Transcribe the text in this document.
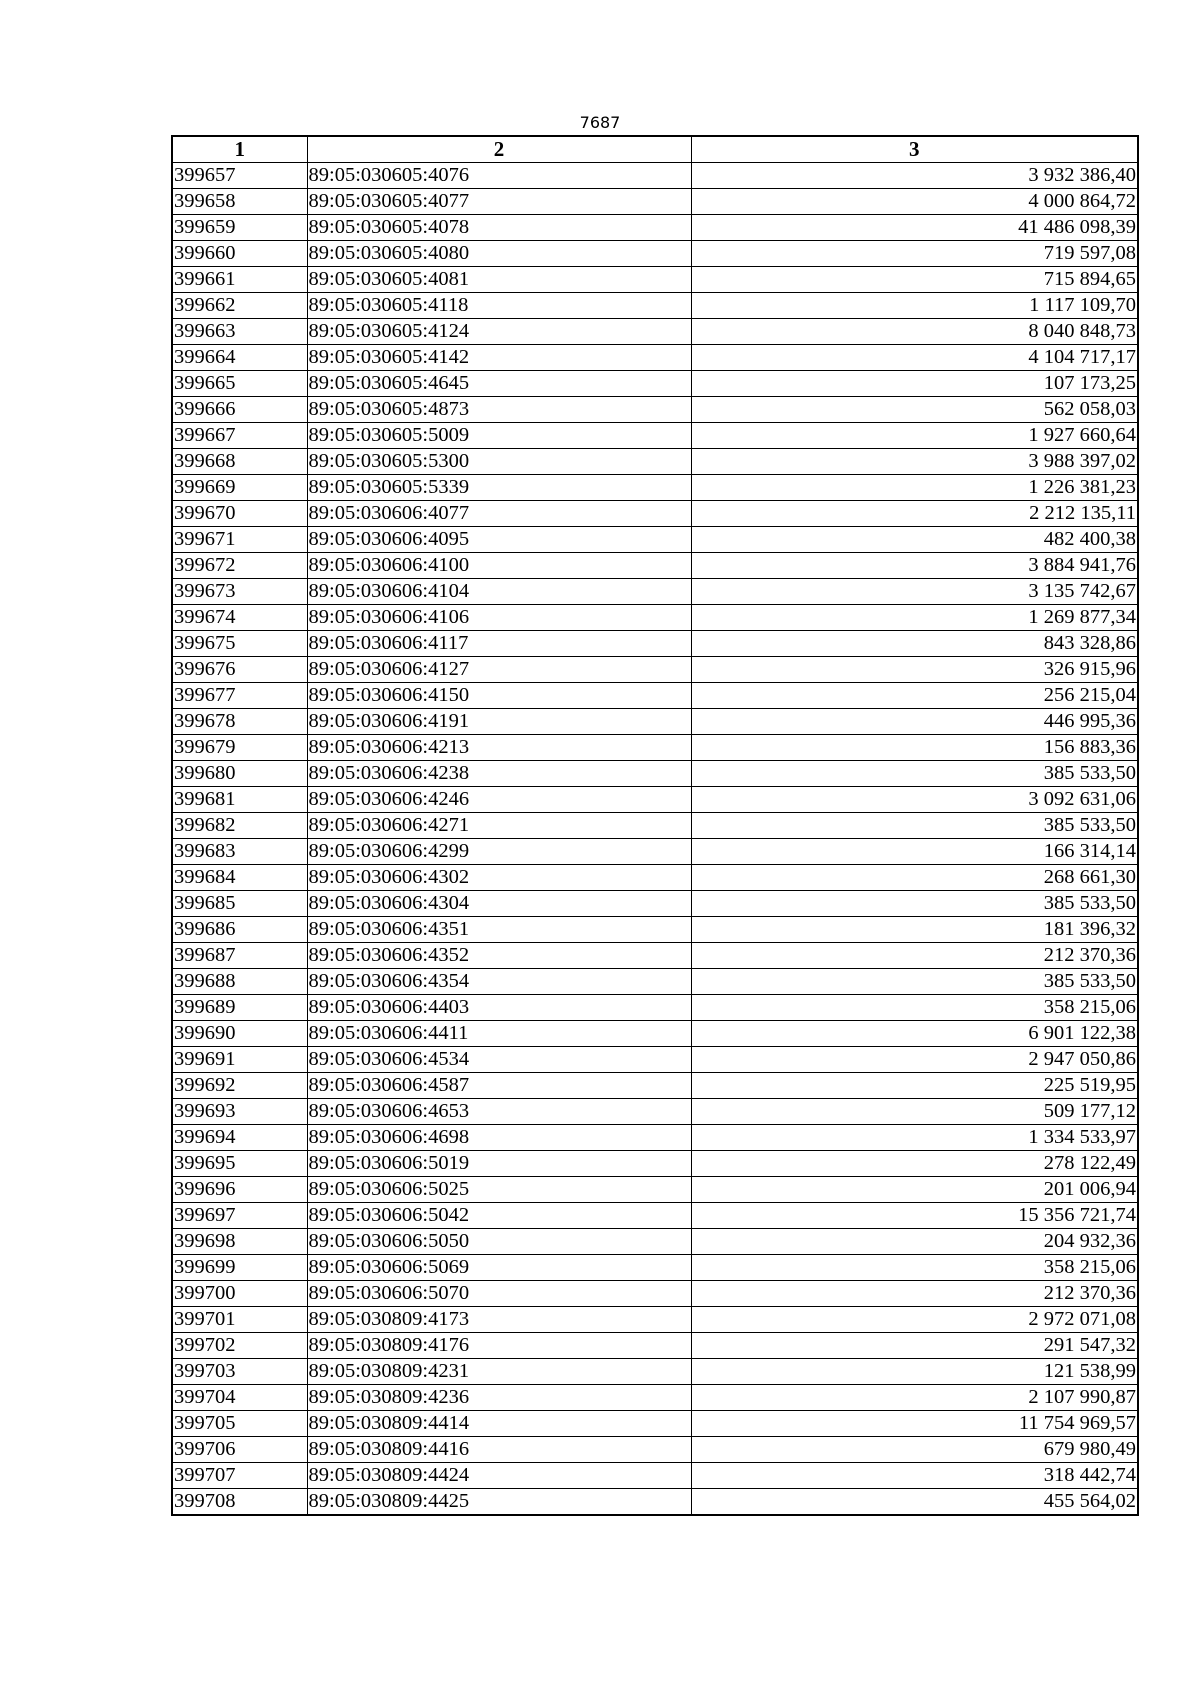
7687
1	2	3
399657	89:05:030605:4076	3 932 386,40
399658	89:05:030605:4077	4 000 864,72
399659	89:05:030605:4078	41 486 098,39
399660	89:05:030605:4080	719 597,08
399661	89:05:030605:4081	715 894,65
399662	89:05:030605:4118	1 117 109,70
399663	89:05:030605:4124	8 040 848,73
399664	89:05:030605:4142	4 104 717,17
399665	89:05:030605:4645	107 173,25
399666	89:05:030605:4873	562 058,03
399667	89:05:030605:5009	1 927 660,64
399668	89:05:030605:5300	3 988 397,02
399669	89:05:030605:5339	1 226 381,23
399670	89:05:030606:4077	2 212 135,11
399671	89:05:030606:4095	482 400,38
399672	89:05:030606:4100	3 884 941,76
399673	89:05:030606:4104	3 135 742,67
399674	89:05:030606:4106	1 269 877,34
399675	89:05:030606:4117	843 328,86
399676	89:05:030606:4127	326 915,96
399677	89:05:030606:4150	256 215,04
399678	89:05:030606:4191	446 995,36
399679	89:05:030606:4213	156 883,36
399680	89:05:030606:4238	385 533,50
399681	89:05:030606:4246	3 092 631,06
399682	89:05:030606:4271	385 533,50
399683	89:05:030606:4299	166 314,14
399684	89:05:030606:4302	268 661,30
399685	89:05:030606:4304	385 533,50
399686	89:05:030606:4351	181 396,32
399687	89:05:030606:4352	212 370,36
399688	89:05:030606:4354	385 533,50
399689	89:05:030606:4403	358 215,06
399690	89:05:030606:4411	6 901 122,38
399691	89:05:030606:4534	2 947 050,86
399692	89:05:030606:4587	225 519,95
399693	89:05:030606:4653	509 177,12
399694	89:05:030606:4698	1 334 533,97
399695	89:05:030606:5019	278 122,49
399696	89:05:030606:5025	201 006,94
399697	89:05:030606:5042	15 356 721,74
399698	89:05:030606:5050	204 932,36
399699	89:05:030606:5069	358 215,06
399700	89:05:030606:5070	212 370,36
399701	89:05:030809:4173	2 972 071,08
399702	89:05:030809:4176	291 547,32
399703	89:05:030809:4231	121 538,99
399704	89:05:030809:4236	2 107 990,87
399705	89:05:030809:4414	11 754 969,57
399706	89:05:030809:4416	679 980,49
399707	89:05:030809:4424	318 442,74
399708	89:05:030809:4425	455 564,02
